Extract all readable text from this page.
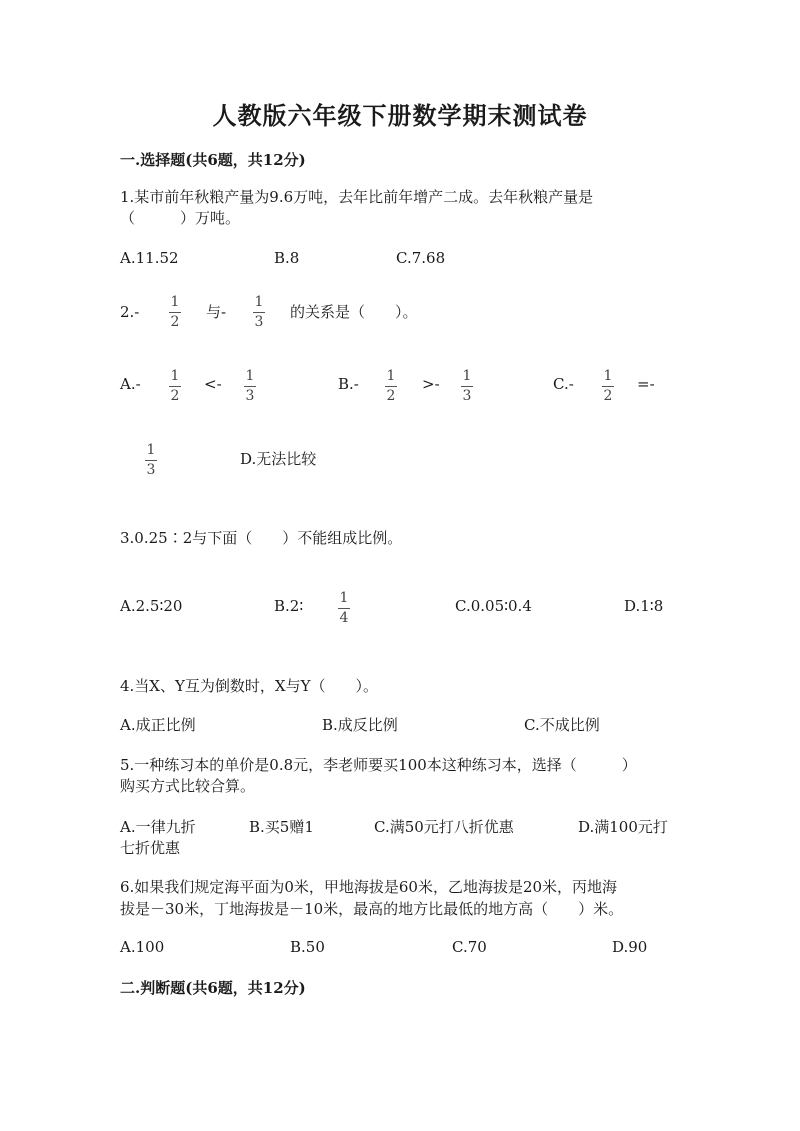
人教版六年级下册数学期末测试卷
一.选择题(共6题，共12分)
1.某市前年秋粮产量为9.6万吨，去年比前年增产二成。去年秋粮产量是
（　　　）万吨。
A.11.52	B.8	C.7.68
2.-
1
2
与-
1
3
的关系是（　　）。
A.- 1
2
<- 1
3
B.- 1
2
>- 1
3
C.- 1
2
=-
1
3
D.无法比较
3.0.25∶2与下面（　　）不能组成比例。
A.2.5∶20	B.2∶	1
4
C.0.05∶0.4	D.1∶8
4.当X、Y互为倒数时，X与Y（　　）。
A.成正比例	B.成反比例	C.不成比例
5.一种练习本的单价是0.8元，李老师要买100本这种练习本，选择（　　　）
购买方式比较合算。
A.一律九折	B.买5赠1	C.满50元打八折优惠	D.满100元打
七折优惠
6.如果我们规定海平面为0米，甲地海拔是60米，乙地海拔是20米，丙地海
拔是－30米，丁地海拔是－10米，最高的地方比最低的地方高（　　）米。
A.100	B.50	C.70	D.90
二.判断题(共6题，共12分)
